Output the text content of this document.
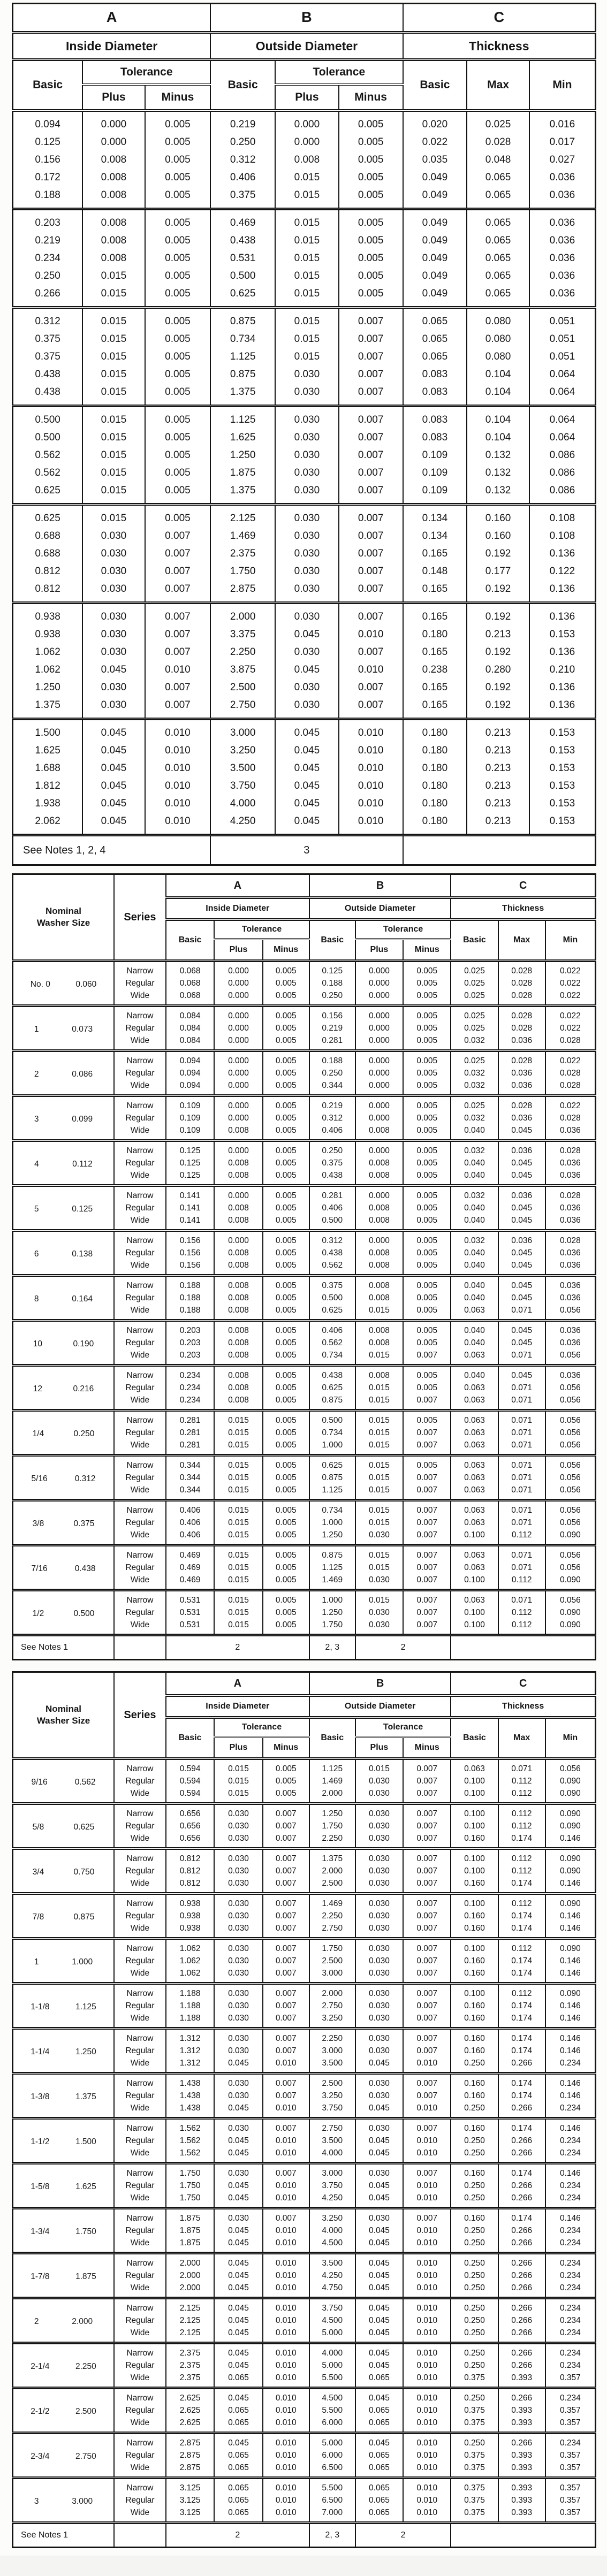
A			B			C		
Inside Diameter			Outside Diameter			Thickness		
Basic	Tolerance		Basic	Tolerance		Basic	Max	Min
	Plus	Minus		Plus	Minus			
0.094	0.000	0.005	0.219	0.000	0.005	0.020	0.025	0.016
0.125	0.000	0.005	0.250	0.000	0.005	0.022	0.028	0.017
0.156	0.008	0.005	0.312	0.008	0.005	0.035	0.048	0.027
0.172	0.008	0.005	0.406	0.015	0.005	0.049	0.065	0.036
0.188	0.008	0.005	0.375	0.015	0.005	0.049	0.065	0.036
0.203	0.008	0.005	0.469	0.015	0.005	0.049	0.065	0.036
0.219	0.008	0.005	0.438	0.015	0.005	0.049	0.065	0.036
0.234	0.008	0.005	0.531	0.015	0.005	0.049	0.065	0.036
0.250	0.015	0.005	0.500	0.015	0.005	0.049	0.065	0.036
0.266	0.015	0.005	0.625	0.015	0.005	0.049	0.065	0.036
0.312	0.015	0.005	0.875	0.015	0.007	0.065	0.080	0.051
0.375	0.015	0.005	0.734	0.015	0.007	0.065	0.080	0.051
0.375	0.015	0.005	1.125	0.015	0.007	0.065	0.080	0.051
0.438	0.015	0.005	0.875	0.030	0.007	0.083	0.104	0.064
0.438	0.015	0.005	1.375	0.030	0.007	0.083	0.104	0.064
0.500	0.015	0.005	1.125	0.030	0.007	0.083	0.104	0.064
0.500	0.015	0.005	1.625	0.030	0.007	0.083	0.104	0.064
0.562	0.015	0.005	1.250	0.030	0.007	0.109	0.132	0.086
0.562	0.015	0.005	1.875	0.030	0.007	0.109	0.132	0.086
0.625	0.015	0.005	1.375	0.030	0.007	0.109	0.132	0.086
0.625	0.015	0.005	2.125	0.030	0.007	0.134	0.160	0.108
0.688	0.030	0.007	1.469	0.030	0.007	0.134	0.160	0.108
0.688	0.030	0.007	2.375	0.030	0.007	0.165	0.192	0.136
0.812	0.030	0.007	1.750	0.030	0.007	0.148	0.177	0.122
0.812	0.030	0.007	2.875	0.030	0.007	0.165	0.192	0.136
0.938	0.030	0.007	2.000	0.030	0.007	0.165	0.192	0.136
0.938	0.030	0.007	3.375	0.045	0.010	0.180	0.213	0.153
1.062	0.030	0.007	2.250	0.030	0.007	0.165	0.192	0.136
1.062	0.045	0.010	3.875	0.045	0.010	0.238	0.280	0.210
1.250	0.030	0.007	2.500	0.030	0.007	0.165	0.192	0.136
1.375	0.030	0.007	2.750	0.030	0.007	0.165	0.192	0.136
1.500	0.045	0.010	3.000	0.045	0.010	0.180	0.213	0.153
1.625	0.045	0.010	3.250	0.045	0.010	0.180	0.213	0.153
1.688	0.045	0.010	3.500	0.045	0.010	0.180	0.213	0.153
1.812	0.045	0.010	3.750	0.045	0.010	0.180	0.213	0.153
1.938	0.045	0.010	4.000	0.045	0.010	0.180	0.213	0.153
2.062	0.045	0.010	4.250	0.045	0.010	0.180	0.213	0.153
See Notes 1, 2, 4			3					
Nominal Washer Size	Series	A			B			C		
		Inside Diameter			Outside Diameter			Thickness		
		Basic	Tolerance		Basic	Tolerance		Basic	Max	Min
			Plus	Minus		Plus	Minus			

No. 0 0.060	Narrow	0.068	0.000	0.005	0.125	0.000	0.005	0.025	0.028	0.022
	Regular	0.068	0.000	0.005	0.188	0.000	0.005	0.025	0.028	0.022
	Wide	0.068	0.000	0.005	0.250	0.000	0.005	0.025	0.028	0.022

1 0.073	Narrow	0.084	0.000	0.005	0.156	0.000	0.005	0.025	0.028	0.022
	Regular	0.084	0.000	0.005	0.219	0.000	0.005	0.025	0.028	0.022
	Wide	0.084	0.000	0.005	0.281	0.000	0.005	0.032	0.036	0.028

2 0.086	Narrow	0.094	0.000	0.005	0.188	0.000	0.005	0.025	0.028	0.022
	Regular	0.094	0.000	0.005	0.250	0.000	0.005	0.032	0.036	0.028
	Wide	0.094	0.000	0.005	0.344	0.000	0.005	0.032	0.036	0.028

3 0.099	Narrow	0.109	0.000	0.005	0.219	0.000	0.005	0.025	0.028	0.022
	Regular	0.109	0.000	0.005	0.312	0.000	0.005	0.032	0.036	0.028
	Wide	0.109	0.008	0.005	0.406	0.008	0.005	0.040	0.045	0.036

4 0.112	Narrow	0.125	0.000	0.005	0.250	0.000	0.005	0.032	0.036	0.028
	Regular	0.125	0.008	0.005	0.375	0.008	0.005	0.040	0.045	0.036
	Wide	0.125	0.008	0.005	0.438	0.008	0.005	0.040	0.045	0.036

5 0.125	Narrow	0.141	0.000	0.005	0.281	0.000	0.005	0.032	0.036	0.028
	Regular	0.141	0.008	0.005	0.406	0.008	0.005	0.040	0.045	0.036
	Wide	0.141	0.008	0.005	0.500	0.008	0.005	0.040	0.045	0.036

6 0.138	Narrow	0.156	0.000	0.005	0.312	0.000	0.005	0.032	0.036	0.028
	Regular	0.156	0.008	0.005	0.438	0.008	0.005	0.040	0.045	0.036
	Wide	0.156	0.008	0.005	0.562	0.008	0.005	0.040	0.045	0.036

8 0.164	Narrow	0.188	0.008	0.005	0.375	0.008	0.005	0.040	0.045	0.036
	Regular	0.188	0.008	0.005	0.500	0.008	0.005	0.040	0.045	0.036
	Wide	0.188	0.008	0.005	0.625	0.015	0.005	0.063	0.071	0.056

10 0.190	Narrow	0.203	0.008	0.005	0.406	0.008	0.005	0.040	0.045	0.036
	Regular	0.203	0.008	0.005	0.562	0.008	0.005	0.040	0.045	0.036
	Wide	0.203	0.008	0.005	0.734	0.015	0.007	0.063	0.071	0.056

12 0.216	Narrow	0.234	0.008	0.005	0.438	0.008	0.005	0.040	0.045	0.036
	Regular	0.234	0.008	0.005	0.625	0.015	0.005	0.063	0.071	0.056
	Wide	0.234	0.008	0.005	0.875	0.015	0.007	0.063	0.071	0.056

1/4 0.250	Narrow	0.281	0.015	0.005	0.500	0.015	0.005	0.063	0.071	0.056
	Regular	0.281	0.015	0.005	0.734	0.015	0.007	0.063	0.071	0.056
	Wide	0.281	0.015	0.005	1.000	0.015	0.007	0.063	0.071	0.056

5/16 0.312	Narrow	0.344	0.015	0.005	0.625	0.015	0.005	0.063	0.071	0.056
	Regular	0.344	0.015	0.005	0.875	0.015	0.007	0.063	0.071	0.056
	Wide	0.344	0.015	0.005	1.125	0.015	0.007	0.063	0.071	0.056

3/8 0.375	Narrow	0.406	0.015	0.005	0.734	0.015	0.007	0.063	0.071	0.056
	Regular	0.406	0.015	0.005	1.000	0.015	0.007	0.063	0.071	0.056
	Wide	0.406	0.015	0.005	1.250	0.030	0.007	0.100	0.112	0.090

7/16 0.438	Narrow	0.469	0.015	0.005	0.875	0.015	0.007	0.063	0.071	0.056
	Regular	0.469	0.015	0.005	1.125	0.015	0.007	0.063	0.071	0.056
	Wide	0.469	0.015	0.005	1.469	0.030	0.007	0.100	0.112	0.090

1/2 0.500	Narrow	0.531	0.015	0.005	1.000	0.015	0.007	0.063	0.071	0.056
	Regular	0.531	0.015	0.005	1.250	0.030	0.007	0.100	0.112	0.090
	Wide	0.531	0.015	0.005	1.750	0.030	0.007	0.100	0.112	0.090
See Notes 1		2			2, 3	2				
Nominal Washer Size	Series	A			B			C		
		Inside Diameter			Outside Diameter			Thickness		
		Basic	Tolerance		Basic	Tolerance		Basic	Max	Min
			Plus	Minus		Plus	Minus			

9/16 0.562	Narrow	0.594	0.015	0.005	1.125	0.015	0.007	0.063	0.071	0.056
	Regular	0.594	0.015	0.005	1.469	0.030	0.007	0.100	0.112	0.090
	Wide	0.594	0.015	0.005	2.000	0.030	0.007	0.100	0.112	0.090

5/8 0.625	Narrow	0.656	0.030	0.007	1.250	0.030	0.007	0.100	0.112	0.090
	Regular	0.656	0.030	0.007	1.750	0.030	0.007	0.100	0.112	0.090
	Wide	0.656	0.030	0.007	2.250	0.030	0.007	0.160	0.174	0.146

3/4 0.750	Narrow	0.812	0.030	0.007	1.375	0.030	0.007	0.100	0.112	0.090
	Regular	0.812	0.030	0.007	2.000	0.030	0.007	0.100	0.112	0.090
	Wide	0.812	0.030	0.007	2.500	0.030	0.007	0.160	0.174	0.146

7/8 0.875	Narrow	0.938	0.030	0.007	1.469	0.030	0.007	0.100	0.112	0.090
	Regular	0.938	0.030	0.007	2.250	0.030	0.007	0.160	0.174	0.146
	Wide	0.938	0.030	0.007	2.750	0.030	0.007	0.160	0.174	0.146

1 1.000	Narrow	1.062	0.030	0.007	1.750	0.030	0.007	0.100	0.112	0.090
	Regular	1.062	0.030	0.007	2.500	0.030	0.007	0.160	0.174	0.146
	Wide	1.062	0.030	0.007	3.000	0.030	0.007	0.160	0.174	0.146

1-1/8 1.125	Narrow	1.188	0.030	0.007	2.000	0.030	0.007	0.100	0.112	0.090
	Regular	1.188	0.030	0.007	2.750	0.030	0.007	0.160	0.174	0.146
	Wide	1.188	0.030	0.007	3.250	0.030	0.007	0.160	0.174	0.146

1-1/4 1.250	Narrow	1.312	0.030	0.007	2.250	0.030	0.007	0.160	0.174	0.146
	Regular	1.312	0.030	0.007	3.000	0.030	0.007	0.160	0.174	0.146
	Wide	1.312	0.045	0.010	3.500	0.045	0.010	0.250	0.266	0.234

1-3/8 1.375	Narrow	1.438	0.030	0.007	2.500	0.030	0.007	0.160	0.174	0.146
	Regular	1.438	0.030	0.007	3.250	0.030	0.007	0.160	0.174	0.146
	Wide	1.438	0.045	0.010	3.750	0.045	0.010	0.250	0.266	0.234

1-1/2 1.500	Narrow	1.562	0.030	0.007	2.750	0.030	0.007	0.160	0.174	0.146
	Regular	1.562	0.045	0.010	3.500	0.045	0.010	0.250	0.266	0.234
	Wide	1.562	0.045	0.010	4.000	0.045	0.010	0.250	0.266	0.234

1-5/8 1.625	Narrow	1.750	0.030	0.007	3.000	0.030	0.007	0.160	0.174	0.146
	Regular	1.750	0.045	0.010	3.750	0.045	0.010	0.250	0.266	0.234
	Wide	1.750	0.045	0.010	4.250	0.045	0.010	0.250	0.266	0.234

1-3/4 1.750	Narrow	1.875	0.030	0.007	3.250	0.030	0.007	0.160	0.174	0.146
	Regular	1.875	0.045	0.010	4.000	0.045	0.010	0.250	0.266	0.234
	Wide	1.875	0.045	0.010	4.500	0.045	0.010	0.250	0.266	0.234

1-7/8 1.875	Narrow	2.000	0.045	0.010	3.500	0.045	0.010	0.250	0.266	0.234
	Regular	2.000	0.045	0.010	4.250	0.045	0.010	0.250	0.266	0.234
	Wide	2.000	0.045	0.010	4.750	0.045	0.010	0.250	0.266	0.234

2 2.000	Narrow	2.125	0.045	0.010	3.750	0.045	0.010	0.250	0.266	0.234
	Regular	2.125	0.045	0.010	4.500	0.045	0.010	0.250	0.266	0.234
	Wide	2.125	0.045	0.010	5.000	0.045	0.010	0.250	0.266	0.234

2-1/4 2.250	Narrow	2.375	0.045	0.010	4.000	0.045	0.010	0.250	0.266	0.234
	Regular	2.375	0.045	0.010	5.000	0.045	0.010	0.250	0.266	0.234
	Wide	2.375	0.065	0.010	5.500	0.065	0.010	0.375	0.393	0.357

2-1/2 2.500	Narrow	2.625	0.045	0.010	4.500	0.045	0.010	0.250	0.266	0.234
	Regular	2.625	0.065	0.010	5.500	0.065	0.010	0.375	0.393	0.357
	Wide	2.625	0.065	0.010	6.000	0.065	0.010	0.375	0.393	0.357

2-3/4 2.750	Narrow	2.875	0.045	0.010	5.000	0.045	0.010	0.250	0.266	0.234
	Regular	2.875	0.065	0.010	6.000	0.065	0.010	0.375	0.393	0.357
	Wide	2.875	0.065	0.010	6.500	0.065	0.010	0.375	0.393	0.357

3 3.000	Narrow	3.125	0.065	0.010	5.500	0.065	0.010	0.375	0.393	0.357
	Regular	3.125	0.065	0.010	6.500	0.065	0.010	0.375	0.393	0.357
	Wide	3.125	0.065	0.010	7.000	0.065	0.010	0.375	0.393	0.357
See Notes 1		2			2, 3	2				
